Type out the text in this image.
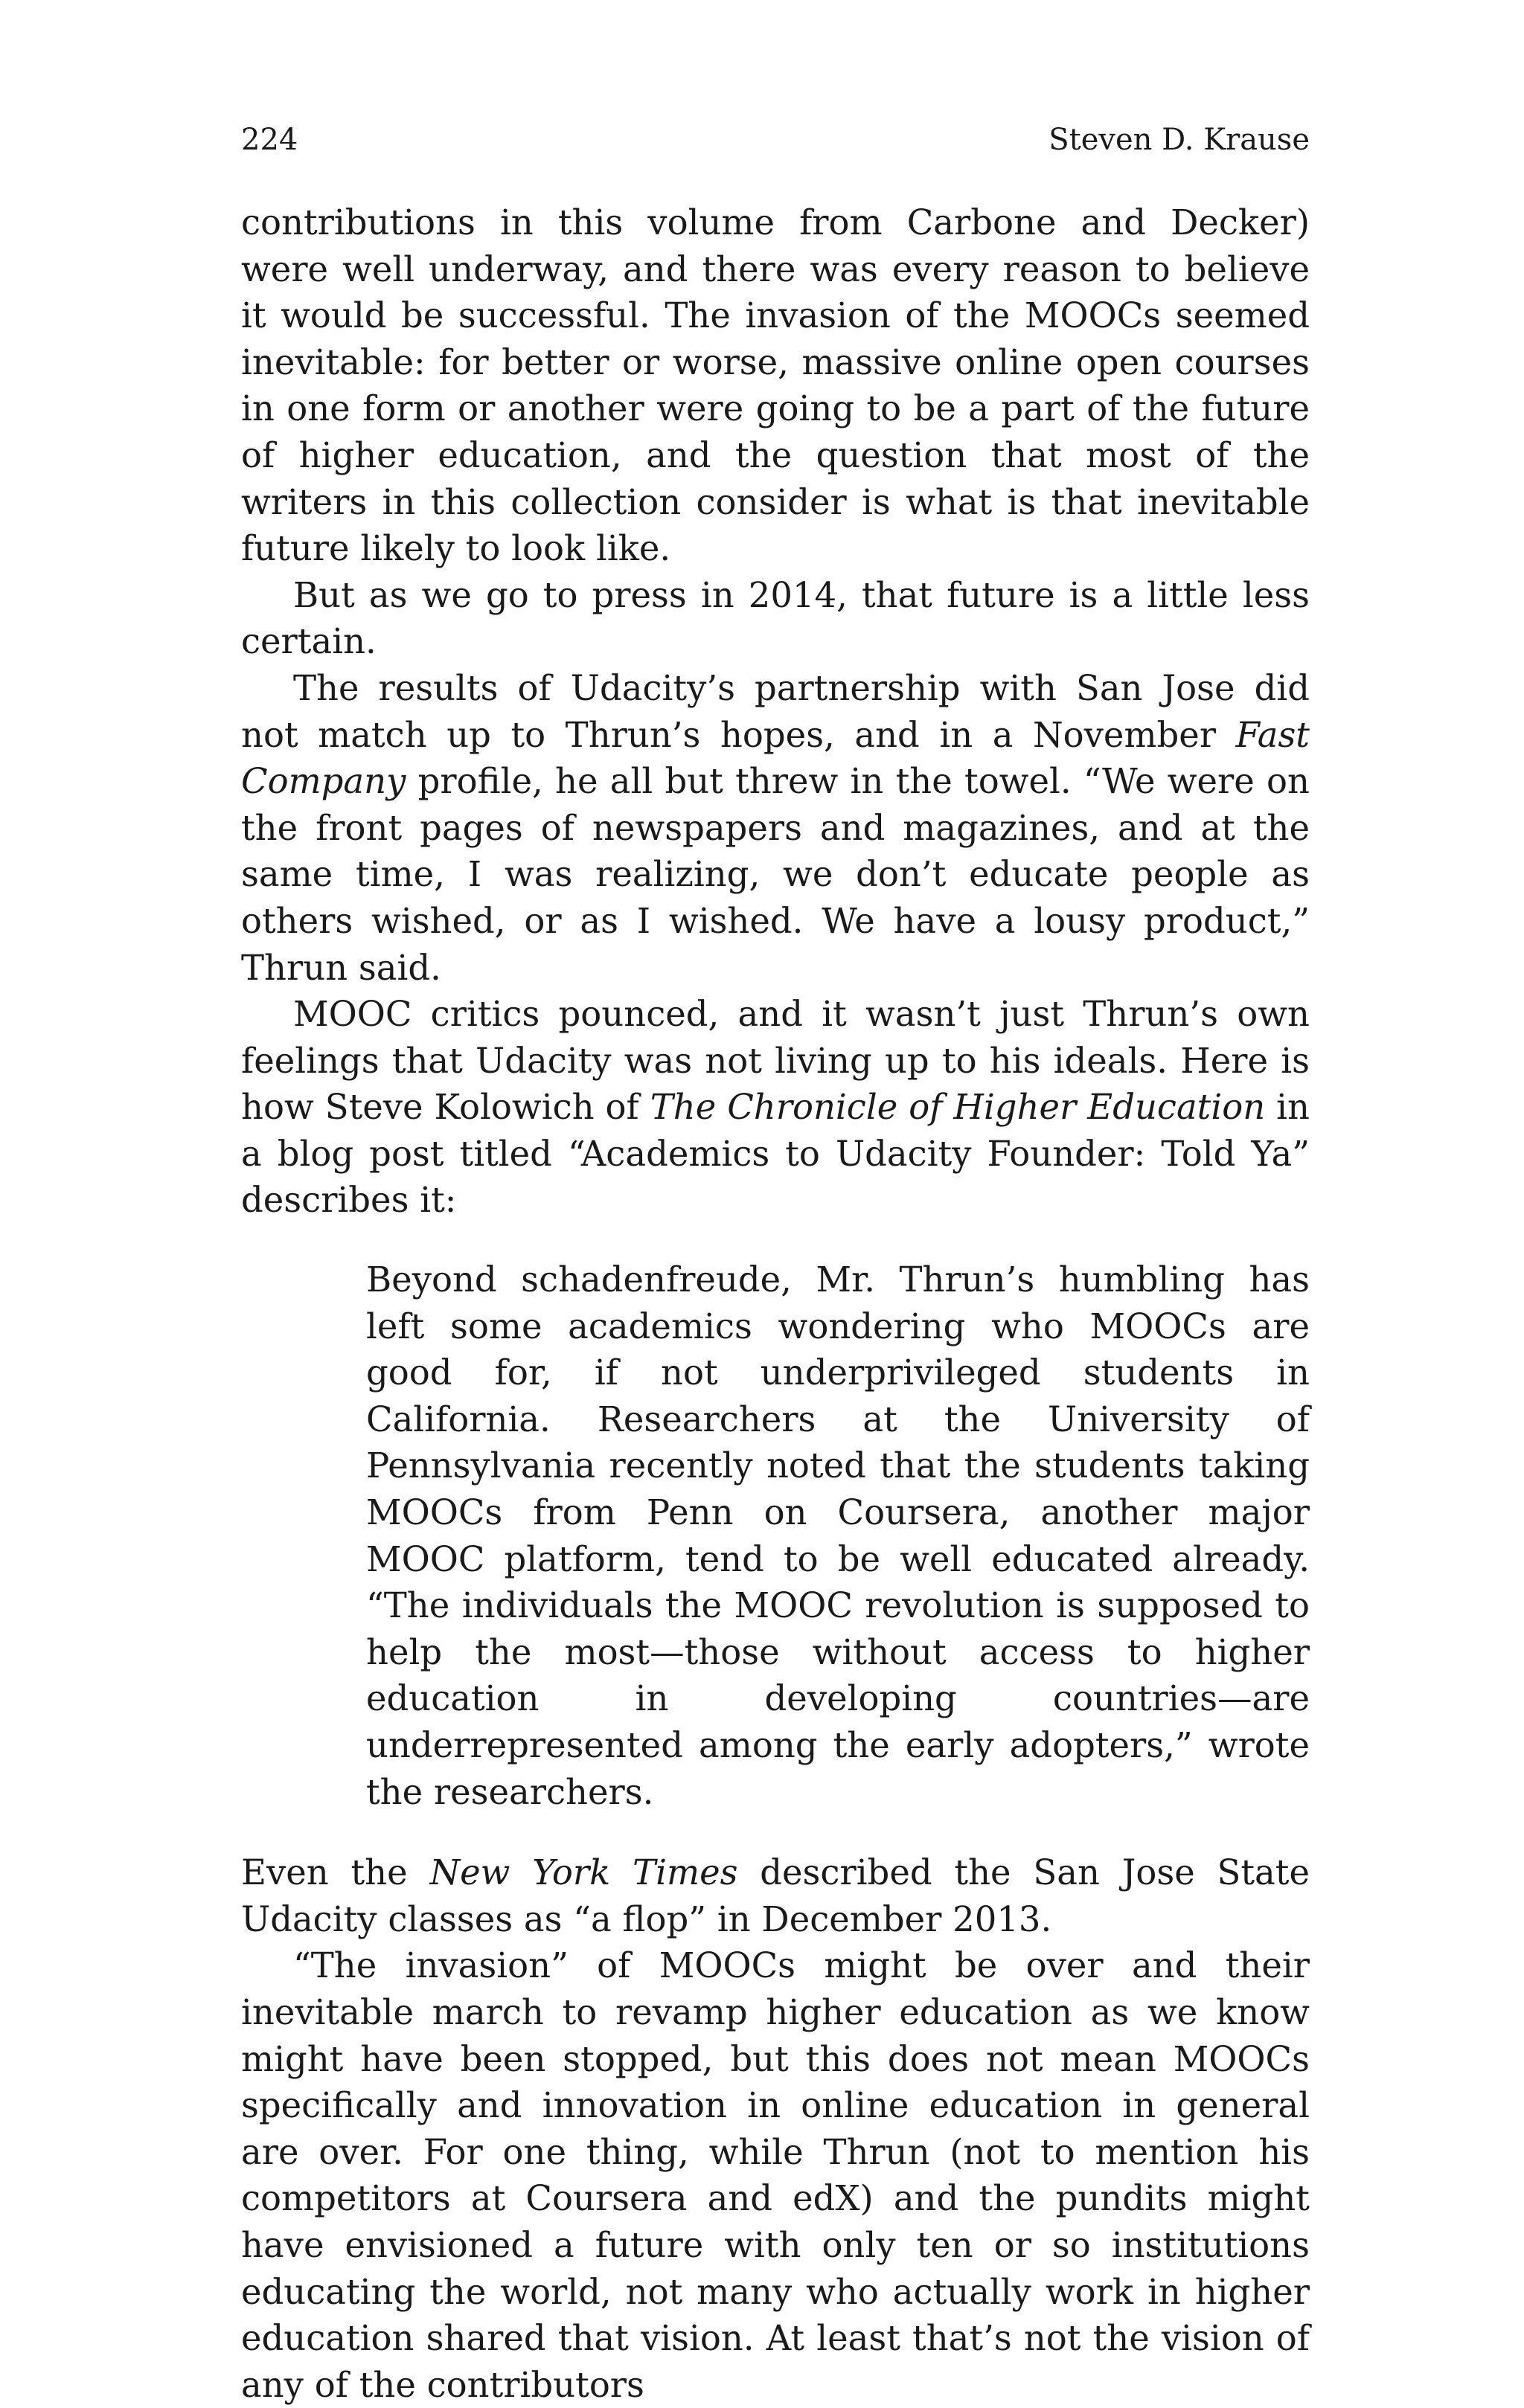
224	Steven D. Krause

contributions in this volume from Carbone and Decker) were well underway, and there was every reason to believe it would be successful. The invasion of the MOOCs seemed inevitable: for better or worse, massive online open courses in one form or another were going to be a part of the future of higher education, and the question that most of the writers in this collection consider is what is that inevitable future likely to look like.

But as we go to press in 2014, that future is a little less certain.

The results of Udacity’s partnership with San Jose did not match up to Thrun’s hopes, and in a November Fast Company profile, he all but threw in the towel. “We were on the front pages of newspapers and magazines, and at the same time, I was realizing, we don’t educate people as others wished, or as I wished. We have a lousy product,” Thrun said.

MOOC critics pounced, and it wasn’t just Thrun’s own feelings that Udacity was not living up to his ideals. Here is how Steve Kolowich of The Chronicle of Higher Education in a blog post titled “Academics to Udacity Founder: Told Ya” describes it:

Beyond schadenfreude, Mr. Thrun’s humbling has left some academics wondering who MOOCs are good for, if not underprivileged students in California. Researchers at the University of Pennsylvania recently noted that the students taking MOOCs from Penn on Coursera, another major MOOC platform, tend to be well educated already. “The individuals the MOOC revolution is supposed to help the most—those without access to higher education in developing countries—are underrepresented among the early adopters,” wrote the researchers.

Even the New York Times described the San Jose State Udacity classes as “a flop” in December 2013.

“The invasion” of MOOCs might be over and their inevitable march to revamp higher education as we know might have been stopped, but this does not mean MOOCs specifically and innovation in online education in general are over. For one thing, while Thrun (not to mention his competitors at Coursera and edX) and the pundits might have envisioned a future with only ten or so institutions educating the world, not many who actually work in higher education shared that vision. At least that’s not the vision of any of the contributors
